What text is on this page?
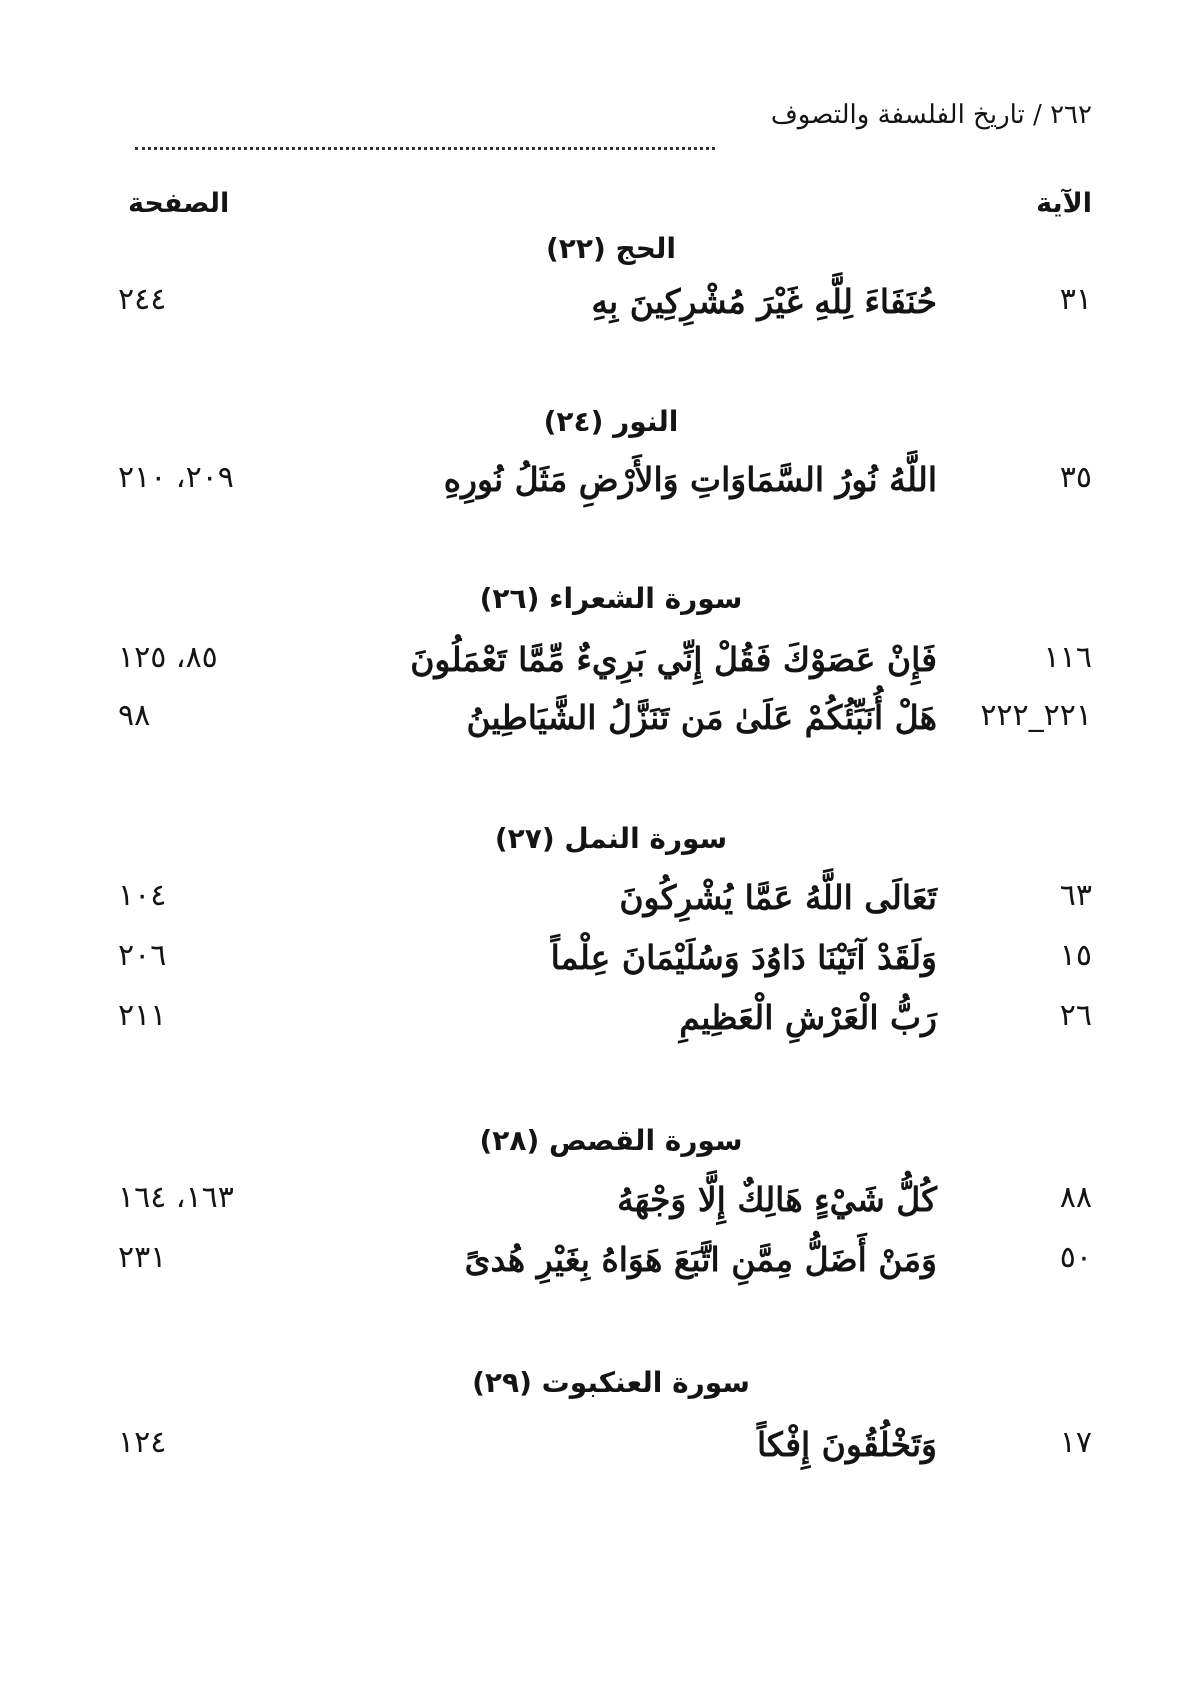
٢٦٢ / تاريخ الفلسفة والتصوف
الآية
الصفحة
الحج (٢٢)
٣١
حُنَفَاءَ لِلَّهِ غَيْرَ مُشْرِكِينَ بِهِ
٢٤٤
النور (٢٤)
٣٥
اللَّهُ نُورُ السَّمَاوَاتِ وَالأَرْضِ مَثَلُ نُورِهِ
٢٠٩، ٢١٠
سورة الشعراء (٢٦)
١١٦
فَإِنْ عَصَوْكَ فَقُلْ إِنِّي بَرِيءٌ مِّمَّا تَعْمَلُونَ
٨٥، ١٢٥
٢٢١_٢٢٢
هَلْ أُنَبِّئُكُمْ عَلَىٰ مَن تَنَزَّلُ الشَّيَاطِينُ
٩٨
سورة النمل (٢٧)
٦٣
تَعَالَى اللَّهُ عَمَّا يُشْرِكُونَ
١٠٤
١٥
وَلَقَدْ آتَيْنَا دَاوُدَ وَسُلَيْمَانَ عِلْماً
٢٠٦
٢٦
رَبُّ الْعَرْشِ الْعَظِيمِ
٢١١
سورة القصص (٢٨)
٨٨
كُلُّ شَيْءٍ هَالِكٌ إِلَّا وَجْهَهُ
١٦٣، ١٦٤
٥٠
وَمَنْ أَضَلُّ مِمَّنِ اتَّبَعَ هَوَاهُ بِغَيْرِ هُدىً
٢٣١
سورة العنكبوت (٢٩)
١٧
وَتَخْلُقُونَ إِفْكاً
١٢٤
